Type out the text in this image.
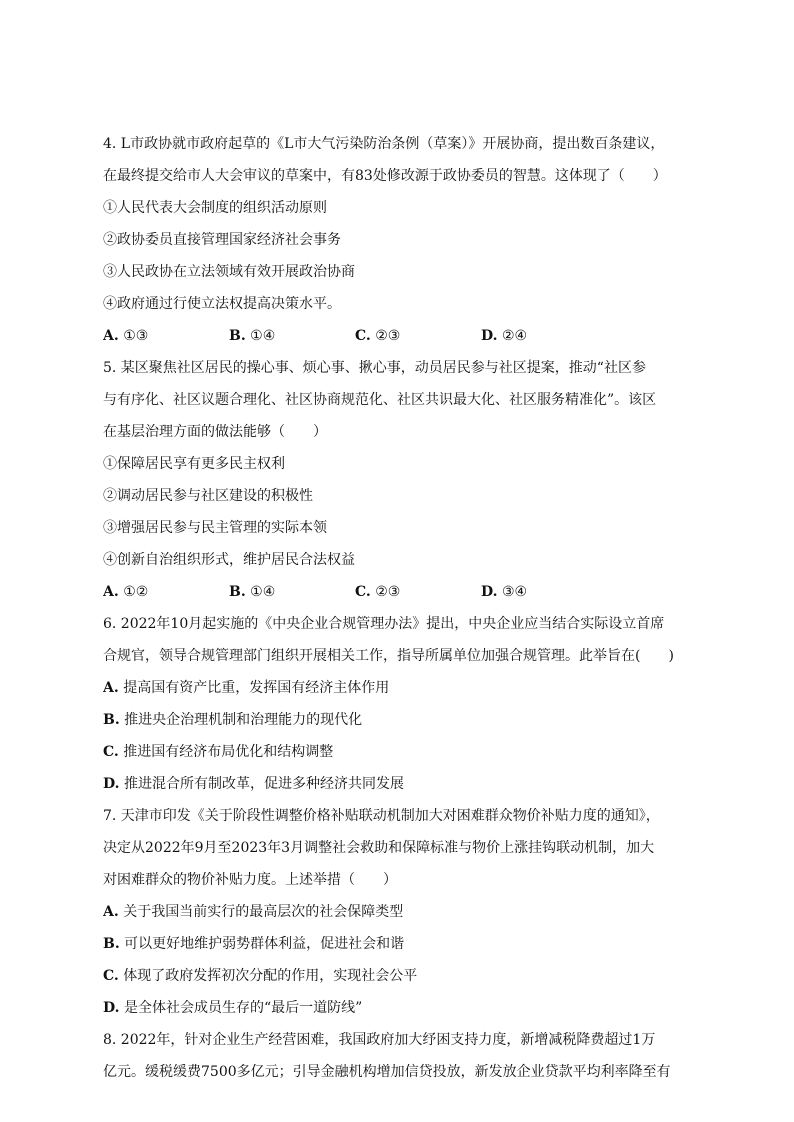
4. L市政协就市政府起草的《L市大气污染防治条例（草案）》开展协商，提出数百条建议，
在最终提交给市人大会审议的草案中，有83处修改源于政协委员的智慧。这体现了（　　）
①人民代表大会制度的组织活动原则
②政协委员直接管理国家经济社会事务
③人民政协在立法领域有效开展政治协商
④政府通过行使立法权提高决策水平。
A. ①③	B. ①④	C. ②③	D. ②④
5. 某区聚焦社区居民的操心事、烦心事、揪心事，动员居民参与社区提案，推动“社区参
与有序化、社区议题合理化、社区协商规范化、社区共识最大化、社区服务精准化”。该区
在基层治理方面的做法能够（　　）
①保障居民享有更多民主权利
②调动居民参与社区建设的积极性
③增强居民参与民主管理的实际本领
④创新自治组织形式，维护居民合法权益
A. ①②	B. ①④	C. ②③	D. ③④
6. 2022年10月起实施的《中央企业合规管理办法》提出，中央企业应当结合实际设立首席
合规官，领导合规管理部门组织开展相关工作，指导所属单位加强合规管理。此举旨在(　　)
A. 提高国有资产比重，发挥国有经济主体作用
B. 推进央企治理机制和治理能力的现代化
C. 推进国有经济布局优化和结构调整
D. 推进混合所有制改革，促进多种经济共同发展
7. 天津市印发《关于阶段性调整价格补贴联动机制加大对困难群众物价补贴力度的通知》，
决定从2022年9月至2023年3月调整社会救助和保障标准与物价上涨挂钩联动机制，加大
对困难群众的物价补贴力度。上述举措（　　）
A. 关于我国当前实行的最高层次的社会保障类型
B. 可以更好地维护弱势群体利益，促进社会和谐
C. 体现了政府发挥初次分配的作用，实现社会公平
D. 是全体社会成员生存的“最后一道防线”
8. 2022年，针对企业生产经营困难，我国政府加大纾困支持力度，新增减税降费超过1万
亿元。缓税缓费7500多亿元；引导金融机构增加信贷投放，新发放企业贷款平均利率降至有
